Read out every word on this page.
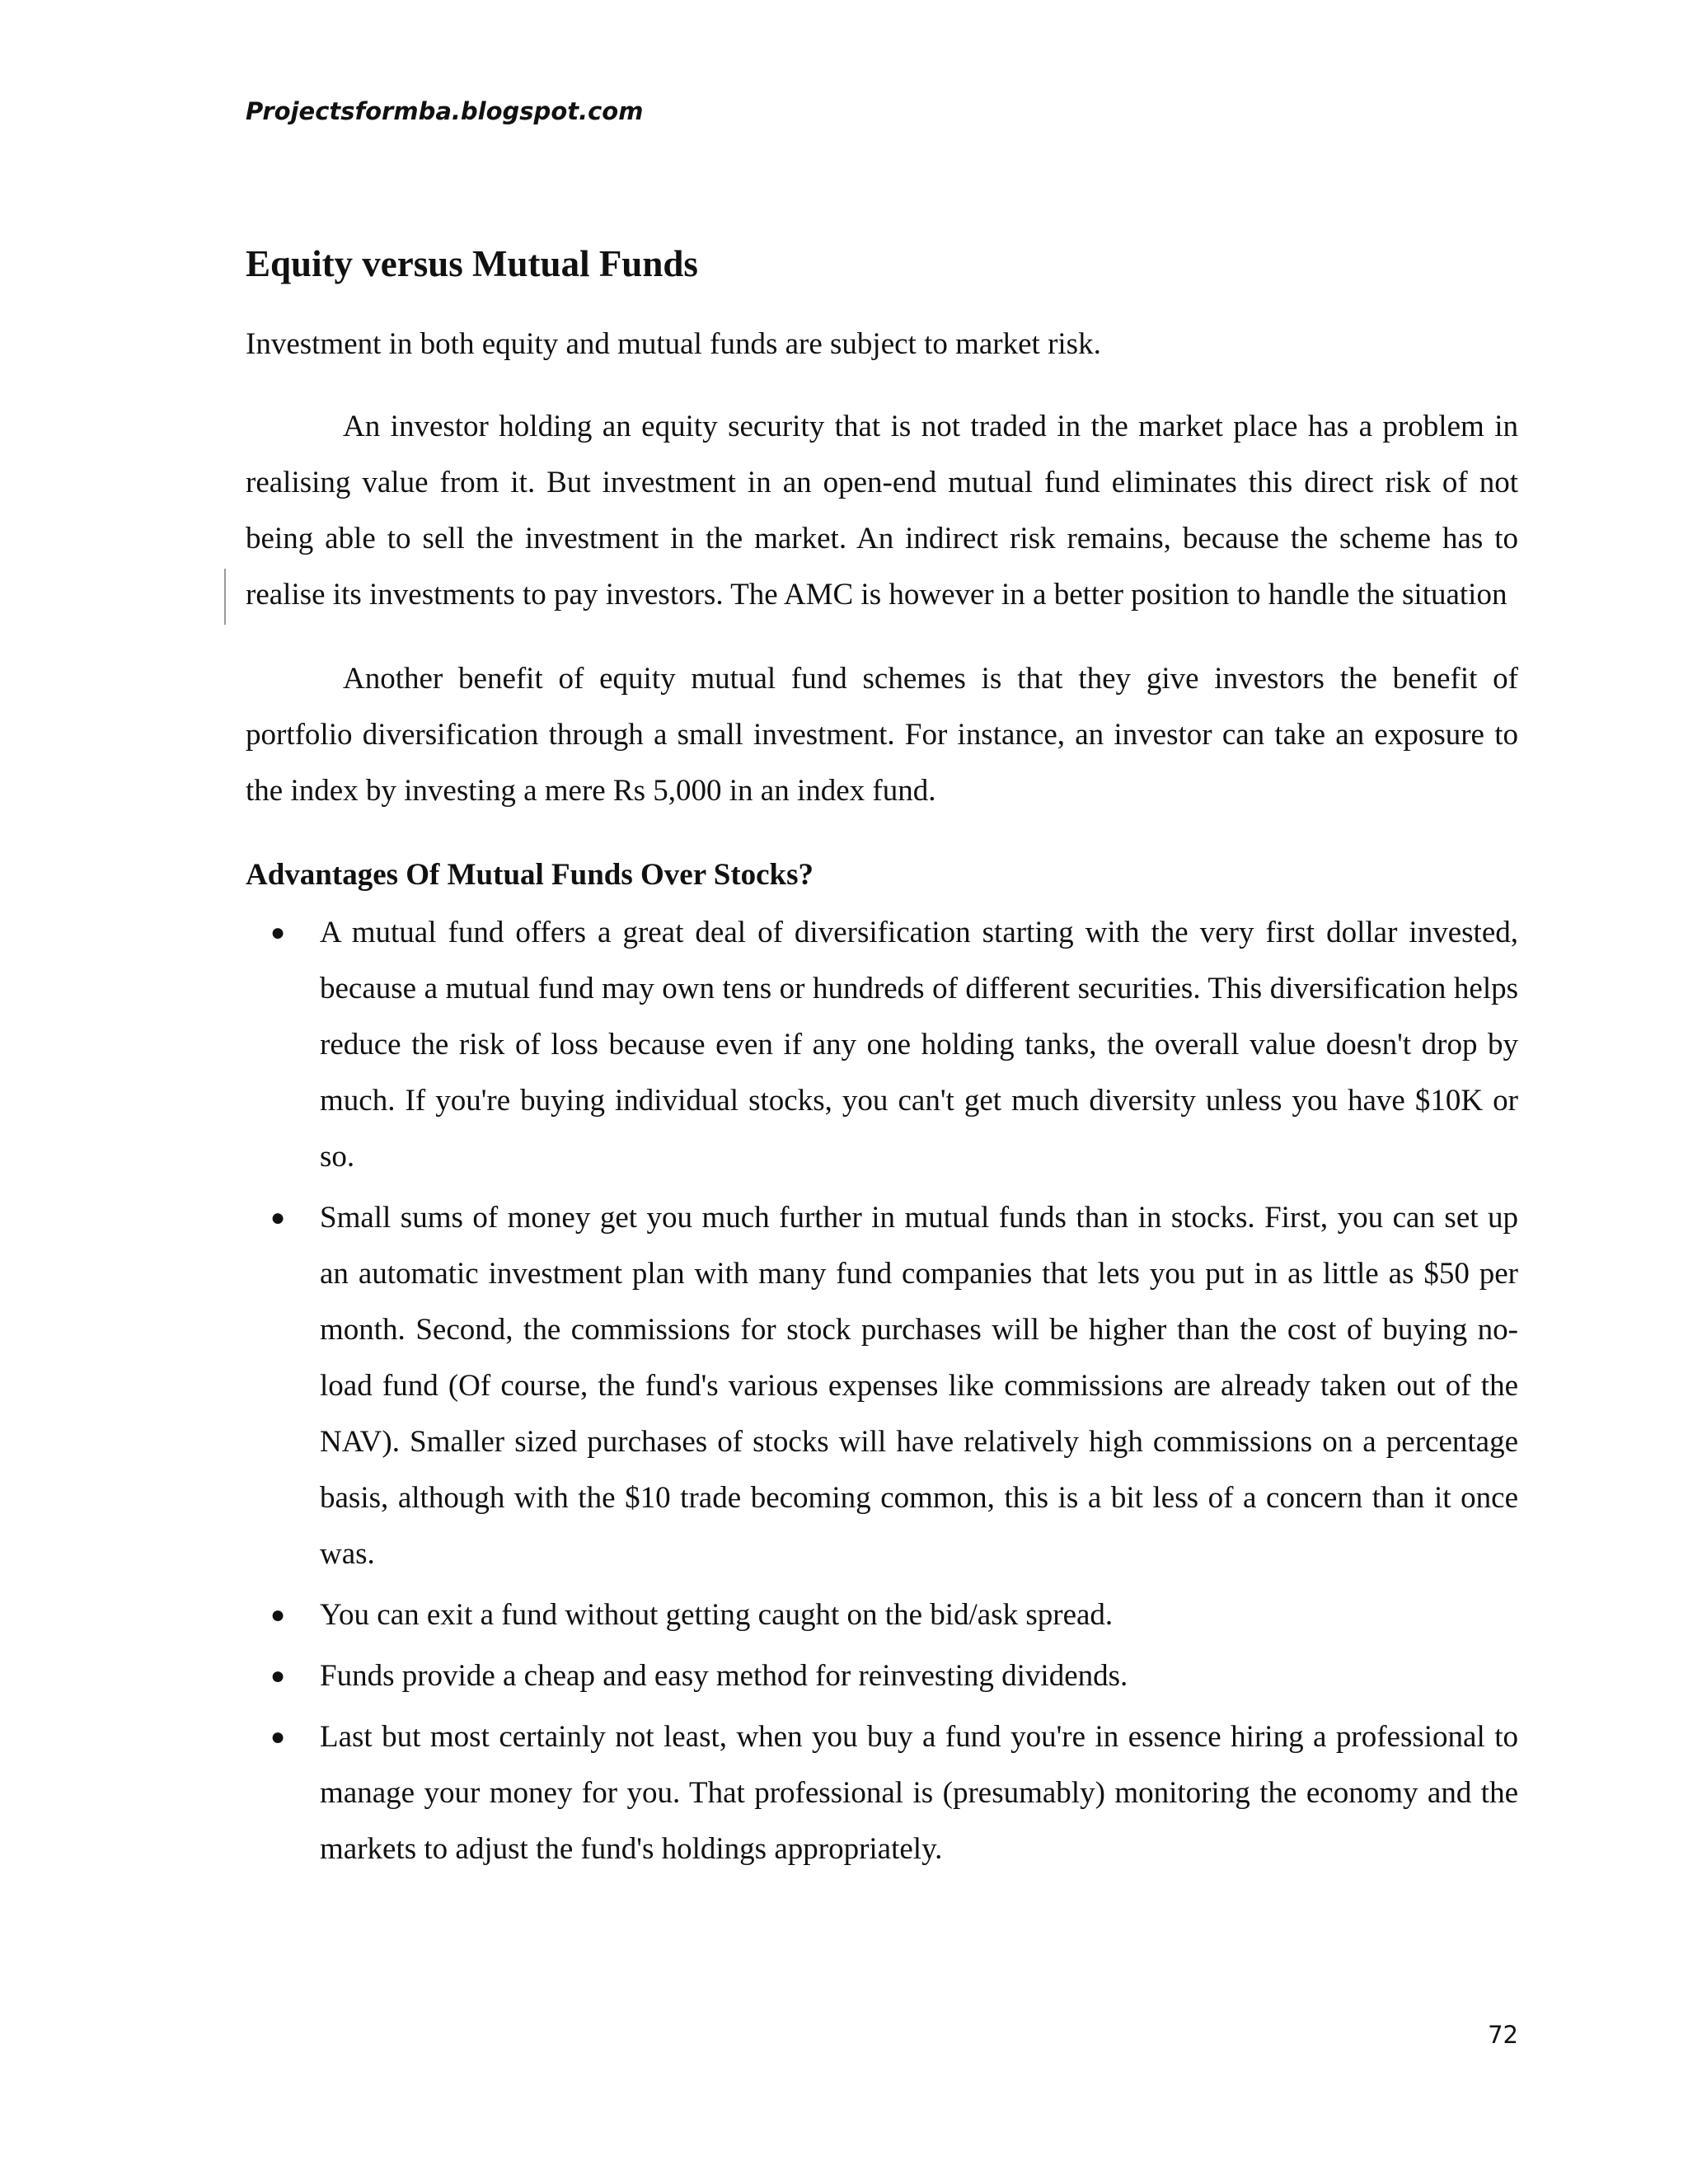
Projectsformba.blogspot.com
Equity versus Mutual Funds

Investment in both equity and mutual funds are subject to market risk.

An investor holding an equity security that is not traded in the market place has a problem in realising value from it. But investment in an open-end mutual fund eliminates this direct risk of not being able to sell the investment in the market. An indirect risk remains, because the scheme has to realise its investments to pay investors. The AMC is however in a better position to handle the situation

Another benefit of equity mutual fund schemes is that they give investors the benefit of portfolio diversification through a small investment. For instance, an investor can take an exposure to the index by investing a mere Rs 5,000 in an index fund.

Advantages Of Mutual Funds Over Stocks?
● A mutual fund offers a great deal of diversification starting with the very first dollar invested, because a mutual fund may own tens or hundreds of different securities. This diversification helps reduce the risk of loss because even if any one holding tanks, the overall value doesn't drop by much. If you're buying individual stocks, you can't get much diversity unless you have $10K or so.
● Small sums of money get you much further in mutual funds than in stocks. First, you can set up an automatic investment plan with many fund companies that lets you put in as little as $50 per month. Second, the commissions for stock purchases will be higher than the cost of buying no-load fund (Of course, the fund's various expenses like commissions are already taken out of the NAV). Smaller sized purchases of stocks will have relatively high commissions on a percentage basis, although with the $10 trade becoming common, this is a bit less of a concern than it once was.
● You can exit a fund without getting caught on the bid/ask spread.
● Funds provide a cheap and easy method for reinvesting dividends.
● Last but most certainly not least, when you buy a fund you're in essence hiring a professional to manage your money for you. That professional is (presumably) monitoring the economy and the markets to adjust the fund's holdings appropriately.
72
